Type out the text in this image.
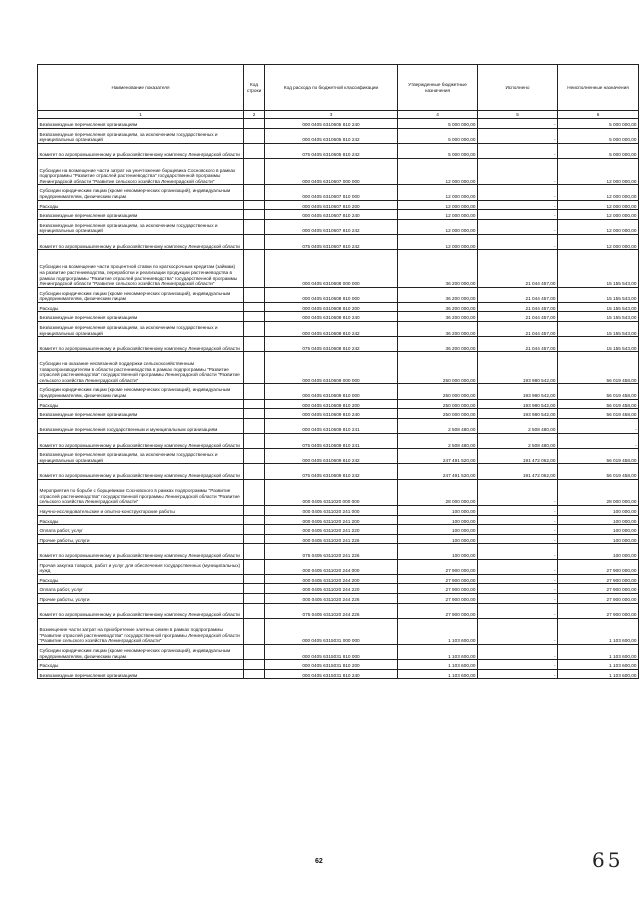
Наименование показателя	Код строки	Код расхода по бюджетной классификации	Утвержденные бюджетные назначения	Исполнено	Неисполненные назначения
1	2	3	4	5	6
Безвозмездные перечисления организациям		000 0405 6310605 810 240	5 000 000,00	-	5 000 000,00
Безвозмездные перечисления организациям, за исключением государственных и муниципальных организаций		000 0405 6310605 810 242	5 000 000,00	-	5 000 000,00
Комитет по агропромышленному и рыбохозяйственному комплексу Ленинградской области		075 0405 6310605 810 242	5 000 000,00	-	5 000 000,00
Субсидии на возмещение части затрат на уничтожение борщевика Сосновского в рамках подпрограммы "Развитие отраслей растениеводства" государственной программы Ленинградской области "Развитие сельского хозяйства Ленинградской области"		000 0405 6310607 000 000	12 000 000,00	-	12 000 000,00
Субсидии юридическим лицам (кроме некоммерческих организаций), индивидуальным предпринимателям, физическим лицам		000 0405 6310607 810 000	12 000 000,00	-	12 000 000,00
Расходы		000 0405 6310607 810 200	12 000 000,00	-	12 000 000,00
Безвозмездные перечисления организациям		000 0405 6310607 810 240	12 000 000,00	-	12 000 000,00
Безвозмездные перечисления организациям, за исключением государственных и муниципальных организаций		000 0405 6310607 810 242	12 000 000,00	-	12 000 000,00
Комитет по агропромышленному и рыбохозяйственному комплексу Ленинградской области		075 0405 6310607 810 242	12 000 000,00	-	12 000 000,00
Субсидии на возмещение части процентной ставки по краткосрочным кредитам (займам) на развитие растениеводства, переработки и реализации продукции растениеводства в рамках подпрограммы "Развитие отраслей растениеводства" государственной программы Ленинградской области "Развитие сельского хозяйства Ленинградской области"		000 0405 6310608 000 000	36 200 000,00	21 044 457,00	15 155 543,00
Субсидии юридическим лицам (кроме некоммерческих организаций), индивидуальным предпринимателям, физическим лицам		000 0405 6310608 810 000	36 200 000,00	21 044 457,00	15 155 543,00
Расходы		000 0405 6310608 810 200	36 200 000,00	21 044 457,00	15 155 543,00
Безвозмездные перечисления организациям		000 0405 6310608 810 240	36 200 000,00	21 044 457,00	15 155 543,00
Безвозмездные перечисления организациям, за исключением государственных и муниципальных организаций		000 0405 6310608 810 242	36 200 000,00	21 044 457,00	15 155 543,00
Комитет по агропромышленному и рыбохозяйственному комплексу Ленинградской области		075 0405 6310608 810 242	36 200 000,00	21 044 457,00	15 155 543,00
Субсидии на оказание несвязанной поддержки сельскохозяйственным товаропроизводителям в области растениеводства в рамках подпрограммы "Развитие отраслей растениеводства" государственной программы Ленинградской области "Развитие сельского хозяйства Ленинградской области"		000 0405 6310609 000 000	250 000 000,00	193 980 542,00	56 019 458,00
Субсидии юридическим лицам (кроме некоммерческих организаций), индивидуальным предпринимателям, физическим лицам		000 0405 6310609 810 000	250 000 000,00	193 980 542,00	56 019 458,00
Расходы		000 0405 6310609 810 200	250 000 000,00	193 980 542,00	56 019 458,00
Безвозмездные перечисления организациям		000 0405 6310609 810 240	250 000 000,00	193 980 542,00	56 019 458,00
Безвозмездные перечисления государственным и муниципальным организациям		000 0405 6310609 810 241	2 508 480,00	2 508 480,00	-
Комитет по агропромышленному и рыбохозяйственному комплексу Ленинградской области		075 0405 6310609 810 241	2 508 480,00	2 508 480,00	-
Безвозмездные перечисления организациям, за исключением государственных и муниципальных организаций		000 0405 6310609 810 242	247 491 520,00	191 472 062,00	56 019 458,00
Комитет по агропромышленному и рыбохозяйственному комплексу Ленинградской области		075 0405 6310609 810 242	247 491 520,00	191 472 062,00	56 019 458,00
Мероприятия по борьбе с борщевиком Сосновского в рамках подпрограммы "Развитие отраслей растениеводства" государственной программы Ленинградской области "Развитие сельского хозяйства Ленинградской области"		000 0405 6311020 000 000	28 000 000,00	-	28 000 000,00
Научно-исследовательские и опытно-конструкторские работы		000 0405 6311020 241 000	100 000,00	-	100 000,00
Расходы		000 0405 6311020 241 200	100 000,00	-	100 000,00
Оплата работ, услуг		000 0405 6311020 241 220	100 000,00	-	100 000,00
Прочие работы, услуги		000 0405 6311020 241 226	100 000,00	-	100 000,00
Комитет по агропромышленному и рыбохозяйственному комплексу Ленинградской области		075 0405 6311020 241 226	100 000,00	-	100 000,00
Прочая закупка товаров, работ и услуг для обеспечения государственных (муниципальных) нужд		000 0405 6311020 244 000	27 900 000,00	-	27 900 000,00
Расходы		000 0405 6311020 244 200	27 900 000,00	-	27 900 000,00
Оплата работ, услуг		000 0405 6311020 244 220	27 900 000,00	-	27 900 000,00
Прочие работы, услуги		000 0405 6311020 244 226	27 900 000,00	-	27 900 000,00
Комитет по агропромышленному и рыбохозяйственному комплексу Ленинградской области		075 0405 6311020 244 226	27 900 000,00	-	27 900 000,00
Возмещение части затрат на приобретение элитных семян в рамках подпрограммы "Развитие отраслей растениеводства" государственной программы Ленинградской области "Развитие сельского хозяйства Ленинградской области"		000 0405 6315031 000 000	1 103 600,00	-	1 103 600,00
Субсидии юридическим лицам (кроме некоммерческих организаций), индивидуальным предпринимателям, физическим лицам		000 0405 6315031 810 000	1 103 600,00	-	1 103 600,00
Расходы		000 0405 6315031 810 200	1 103 600,00	-	1 103 600,00
Безвозмездные перечисления организациям		000 0405 6315031 810 240	1 103 600,00	-	1 103 600,00
62	65
